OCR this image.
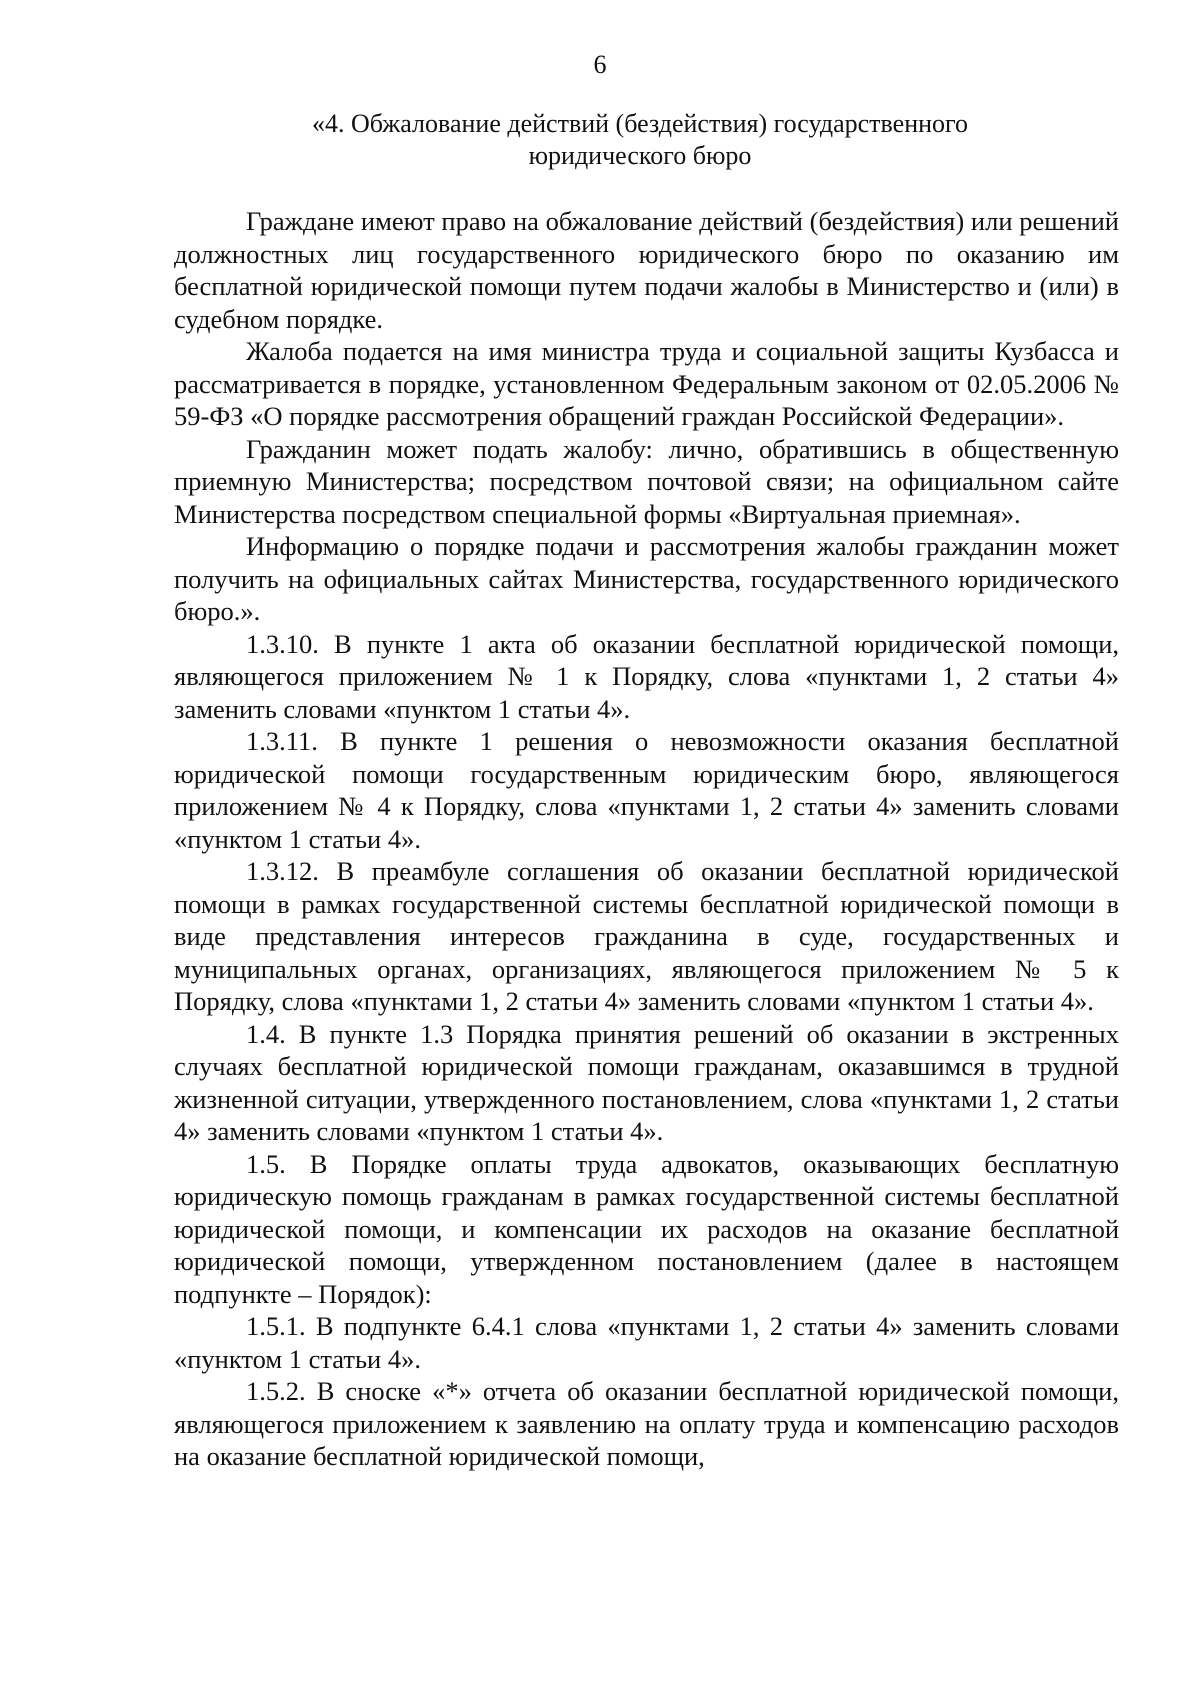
6
«4. Обжалование действий (бездействия) государственного
юридического бюро

Граждане имеют право на обжалование действий (бездействия) или решений должностных лиц государственного юридического бюро по оказанию им бесплатной юридической помощи путем подачи жалобы в Министерство и (или) в судебном порядке.

Жалоба подается на имя министра труда и социальной защиты Кузбасса и рассматривается в порядке, установленном Федеральным законом от 02.05.2006 № 59-ФЗ «О порядке рассмотрения обращений граждан Российской Федерации».

Гражданин может подать жалобу: лично, обратившись в общественную приемную Министерства; посредством почтовой связи; на официальном сайте Министерства посредством специальной формы «Виртуальная приемная».

Информацию о порядке подачи и рассмотрения жалобы гражданин может получить на официальных сайтах Министерства, государственного юридического бюро.».

1.3.10. В пункте 1 акта об оказании бесплатной юридической помощи, являющегося приложением № 1 к Порядку, слова «пунктами 1, 2 статьи 4» заменить словами «пунктом 1 статьи 4».

1.3.11. В пункте 1 решения о невозможности оказания бесплатной юридической помощи государственным юридическим бюро, являющегося приложением № 4 к Порядку, слова «пунктами 1, 2 статьи 4» заменить словами «пунктом 1 статьи 4».

1.3.12. В преамбуле соглашения об оказании бесплатной юридической помощи в рамках государственной системы бесплатной юридической помощи в виде представления интересов гражданина в суде, государственных и муниципальных органах, организациях, являющегося приложением № 5 к Порядку, слова «пунктами 1, 2 статьи 4» заменить словами «пунктом 1 статьи 4».

1.4. В пункте 1.3 Порядка принятия решений об оказании в экстренных случаях бесплатной юридической помощи гражданам, оказавшимся в трудной жизненной ситуации, утвержденного постановлением, слова «пунктами 1, 2 статьи 4» заменить словами «пунктом 1 статьи 4».

1.5. В Порядке оплаты труда адвокатов, оказывающих бесплатную юридическую помощь гражданам в рамках государственной системы бесплатной юридической помощи, и компенсации их расходов на оказание бесплатной юридической помощи, утвержденном постановлением (далее в настоящем подпункте – Порядок):

1.5.1. В подпункте 6.4.1 слова «пунктами 1, 2 статьи 4» заменить словами «пунктом 1 статьи 4».

1.5.2. В сноске «*» отчета об оказании бесплатной юридической помощи, являющегося приложением к заявлению на оплату труда и компенсацию расходов на оказание бесплатной юридической помощи,
